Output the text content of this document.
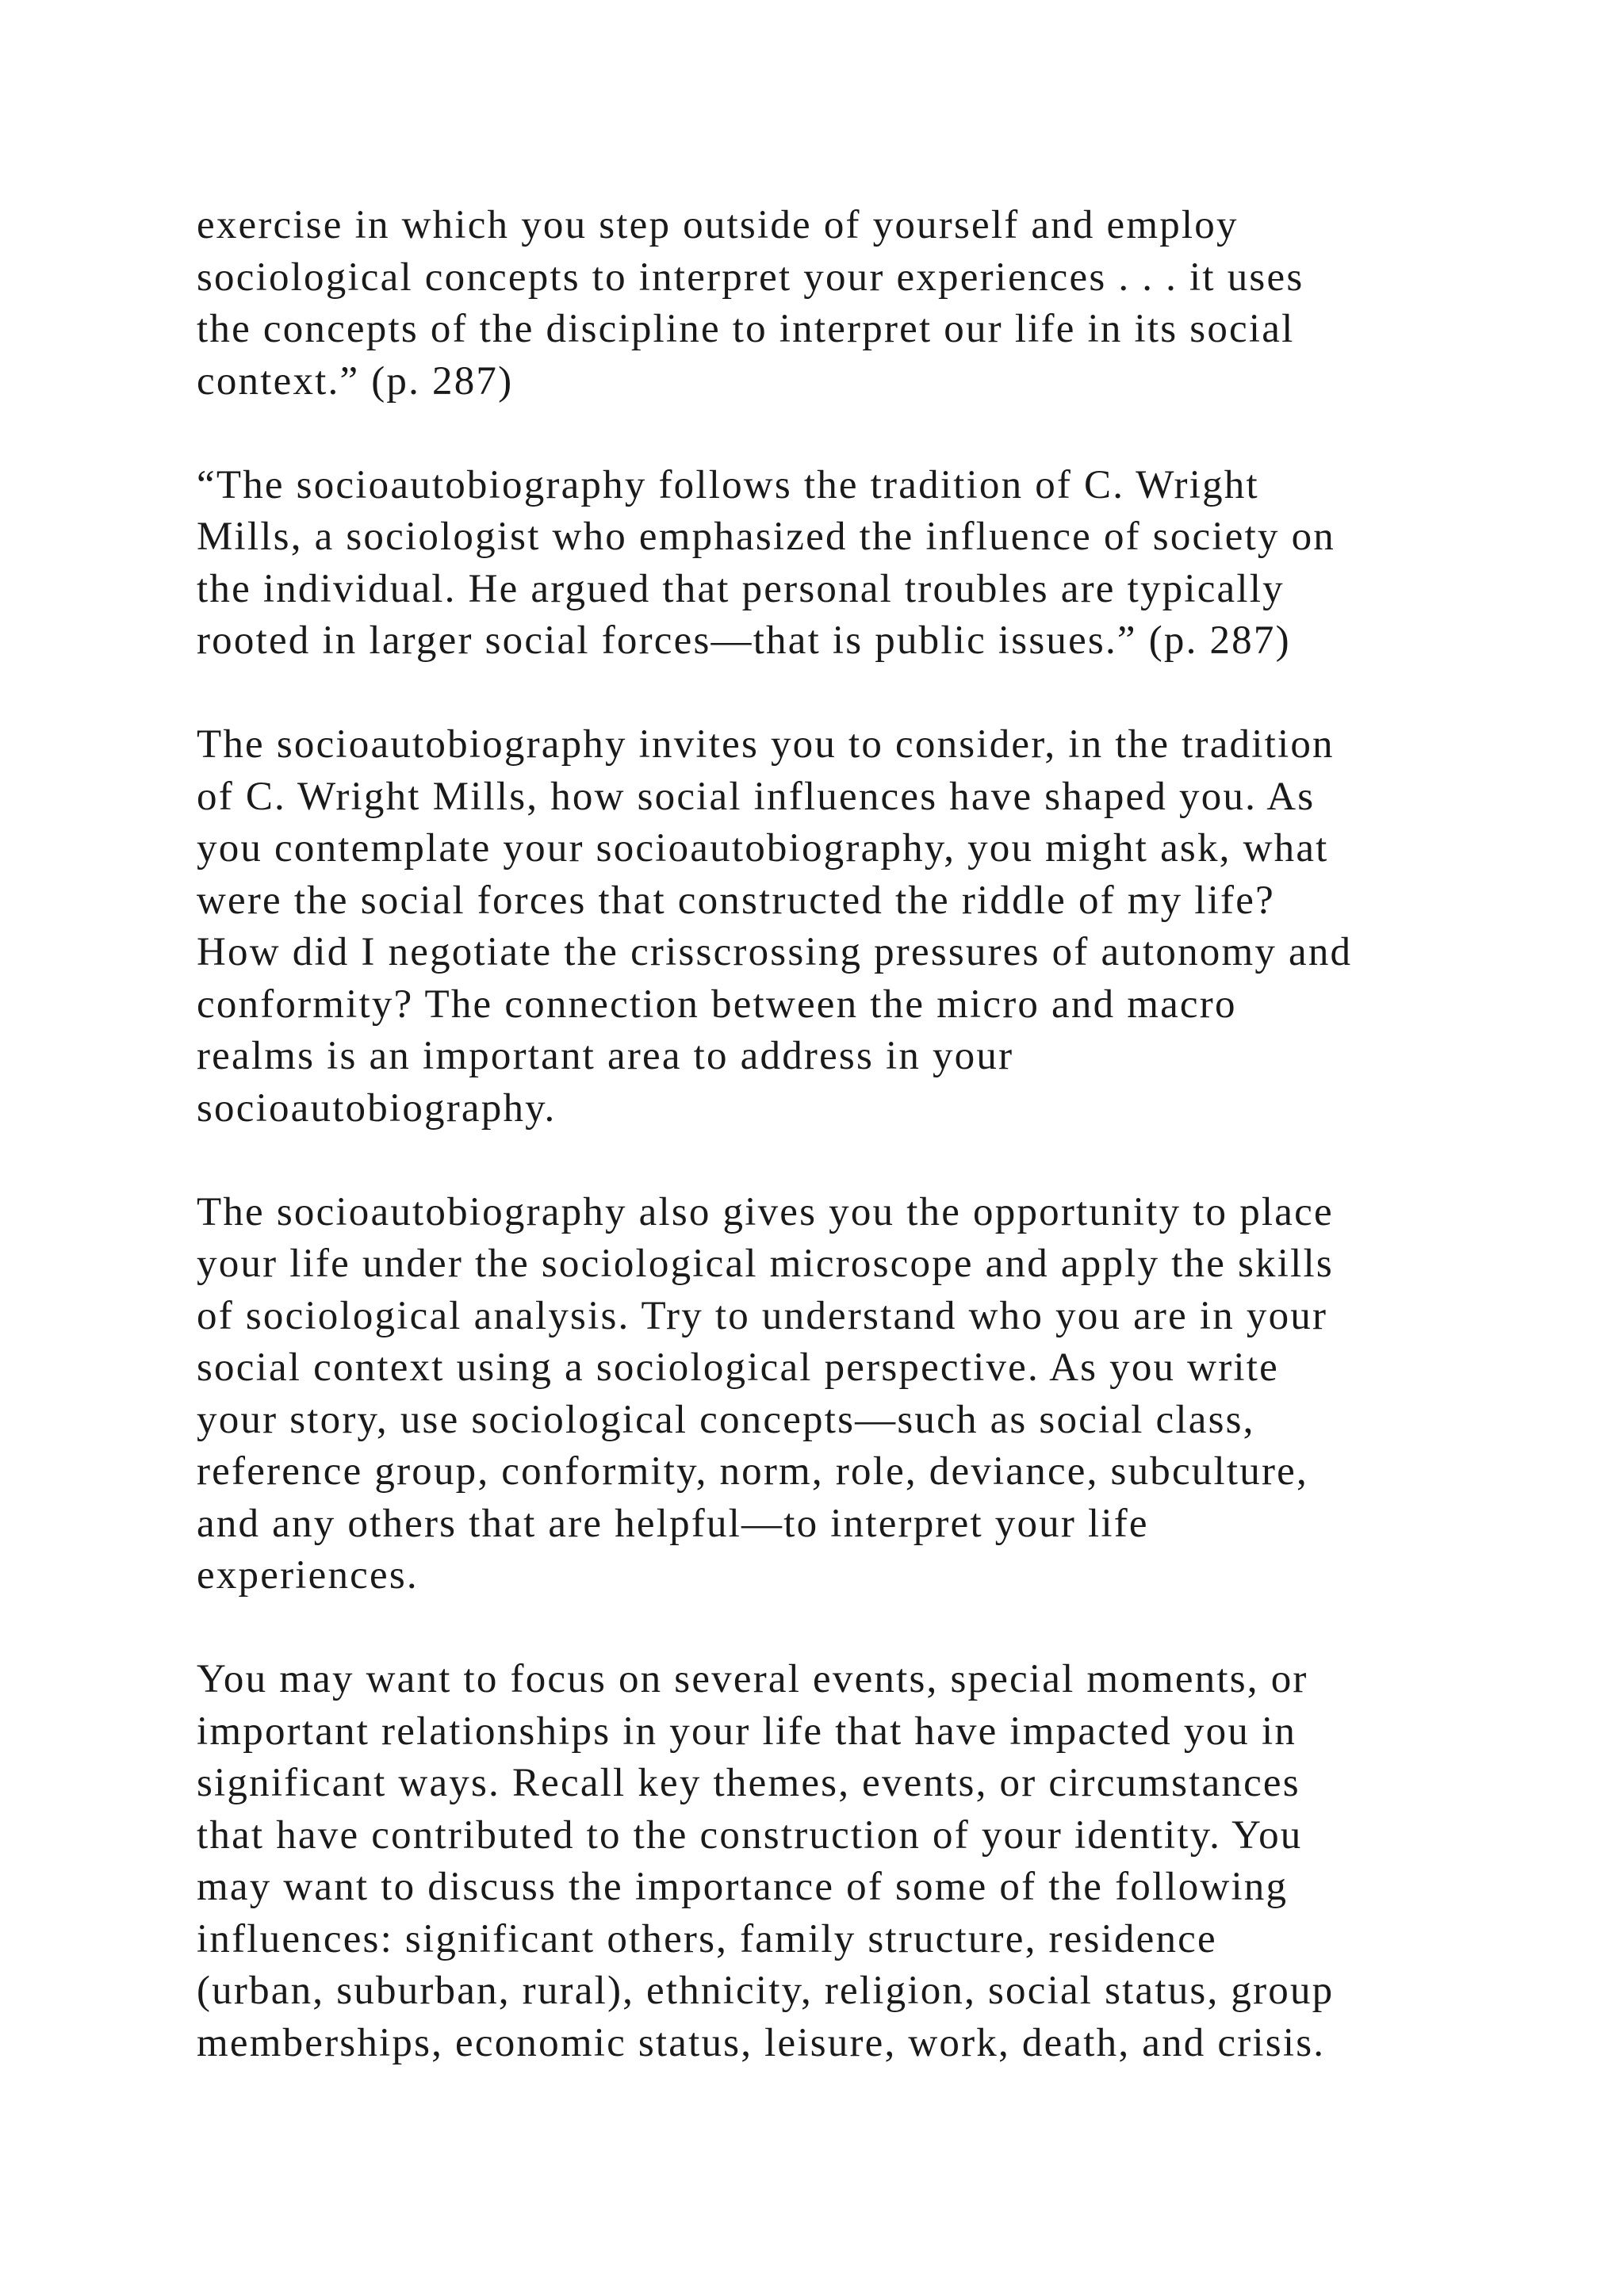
exercise in which you step outside of yourself and employ
sociological concepts to interpret your experiences . . . it uses
the concepts of the discipline to interpret our life in its social
context.” (p. 287)

“The socioautobiography follows the tradition of C. Wright
Mills, a sociologist who emphasized the influence of society on
the individual. He argued that personal troubles are typically
rooted in larger social forces—that is public issues.” (p. 287)

The socioautobiography invites you to consider, in the tradition
of C. Wright Mills, how social influences have shaped you. As
you contemplate your socioautobiography, you might ask, what
were the social forces that constructed the riddle of my life?
How did I negotiate the crisscrossing pressures of autonomy and
conformity? The connection between the micro and macro
realms is an important area to address in your
socioautobiography.

The socioautobiography also gives you the opportunity to place
your life under the sociological microscope and apply the skills
of sociological analysis. Try to understand who you are in your
social context using a sociological perspective. As you write
your story, use sociological concepts—such as social class,
reference group, conformity, norm, role, deviance, subculture,
and any others that are helpful—to interpret your life
experiences.

You may want to focus on several events, special moments, or
important relationships in your life that have impacted you in
significant ways. Recall key themes, events, or circumstances
that have contributed to the construction of your identity. You
may want to discuss the importance of some of the following
influences: significant others, family structure, residence
(urban, suburban, rural), ethnicity, religion, social status, group
memberships, economic status, leisure, work, death, and crisis.
